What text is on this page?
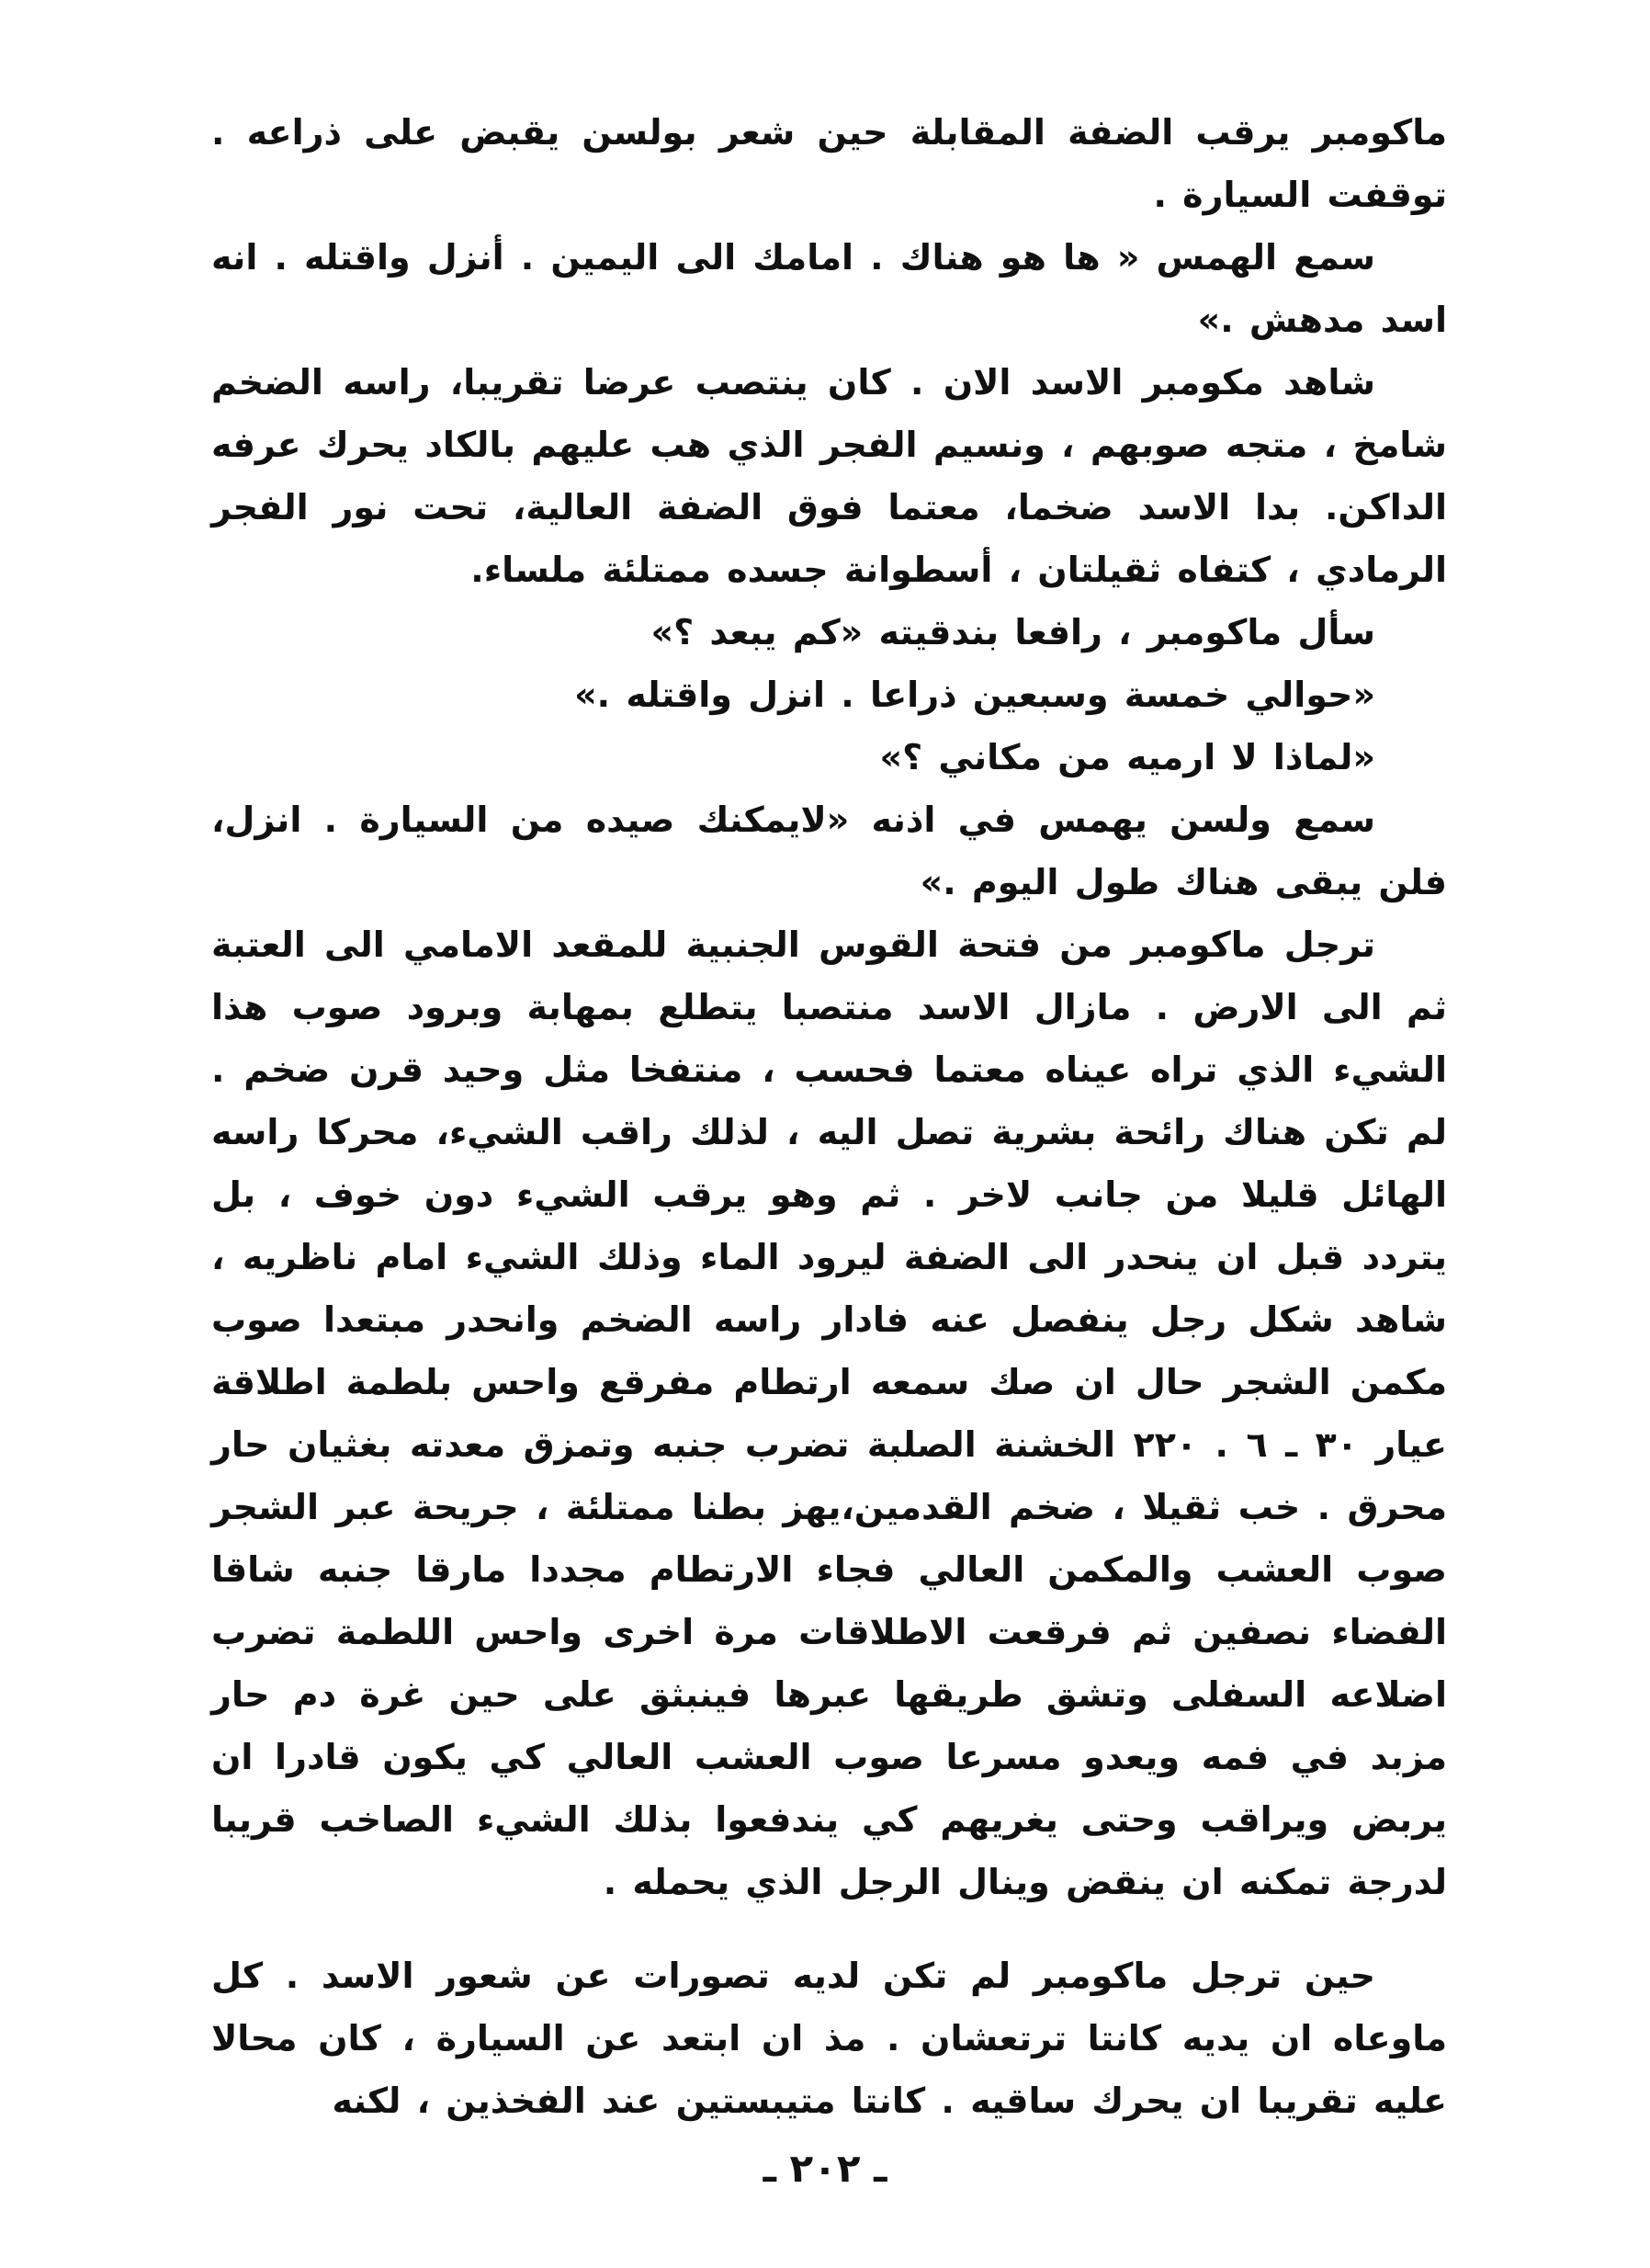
ماكومبر يرقب الضفة المقابلة حين شعر بولسن يقبض على ذراعه . توقفت السيارة .

سمع الهمس « ها هو هناك . امامك الى اليمين . أنزل واقتله . انه اسد مدهش .»

شاهد مكومبر الاسد الان . كان ينتصب عرضا تقريبا، راسه الضخم شامخ ، متجه صوبهم ، ونسيم الفجر الذي هب عليهم بالكاد يحرك عرفه الداكن. بدا الاسد ضخما، معتما فوق الضفة العالية، تحت نور الفجر الرمادي ، كتفاه ثقيلتان ، أسطوانة جسده ممتلئة ملساء.

سأل ماكومبر ، رافعا بندقيته «كم يبعد ؟»

«حوالي خمسة وسبعين ذراعا . انزل واقتله .»

«لماذا لا ارميه من مكاني ؟»

سمع ولسن يهمس في اذنه «لايمكنك صيده من السيارة . انزل، فلن يبقى هناك طول اليوم .»

ترجل ماكومبر من فتحة القوس الجنبية للمقعد الامامي الى العتبة ثم الى الارض . مازال الاسد منتصبا يتطلع بمهابة وبرود صوب هذا الشيء الذي تراه عيناه معتما فحسب ، منتفخا مثل وحيد قرن ضخم . لم تكن هناك رائحة بشرية تصل اليه ، لذلك راقب الشيء، محركا راسه الهائل قليلا من جانب لاخر . ثم وهو يرقب الشيء دون خوف ، بل يتردد قبل ان ينحدر الى الضفة ليرود الماء وذلك الشيء امام ناظريه ، شاهد شكل رجل ينفصل عنه فادار راسه الضخم وانحدر مبتعدا صوب مكمن الشجر حال ان صك سمعه ارتطام مفرقع واحس بلطمة اطلاقة عيار ٣٠ ـ ٦ . ٢٢٠ الخشنة الصلبة تضرب جنبه وتمزق معدته بغثيان حار محرق . خب ثقيلا ، ضخم القدمين،يهز بطنا ممتلئة ، جريحة عبر الشجر صوب العشب والمكمن العالي فجاء الارتطام مجددا مارقا جنبه شاقا الفضاء نصفين ثم فرقعت الاطلاقات مرة اخرى واحس اللطمة تضرب اضلاعه السفلى وتشق طريقها عبرها فينبثق على حين غرة دم حار مزبد في فمه ويعدو مسرعا صوب العشب العالي كي يكون قادرا ان يربض ويراقب وحتى يغريهم كي يندفعوا بذلك الشيء الصاخب قريبا لدرجة تمكنه ان ينقض وينال الرجل الذي يحمله .

حين ترجل ماكومبر لم تكن لديه تصورات عن شعور الاسد . كل ماوعاه ان يديه كانتا ترتعشان . مذ ان ابتعد عن السيارة ، كان محالا عليه تقريبا ان يحرك ساقيه . كانتا متيبستين عند الفخذين ، لكنه

ـ ٢٠٢ ـ
